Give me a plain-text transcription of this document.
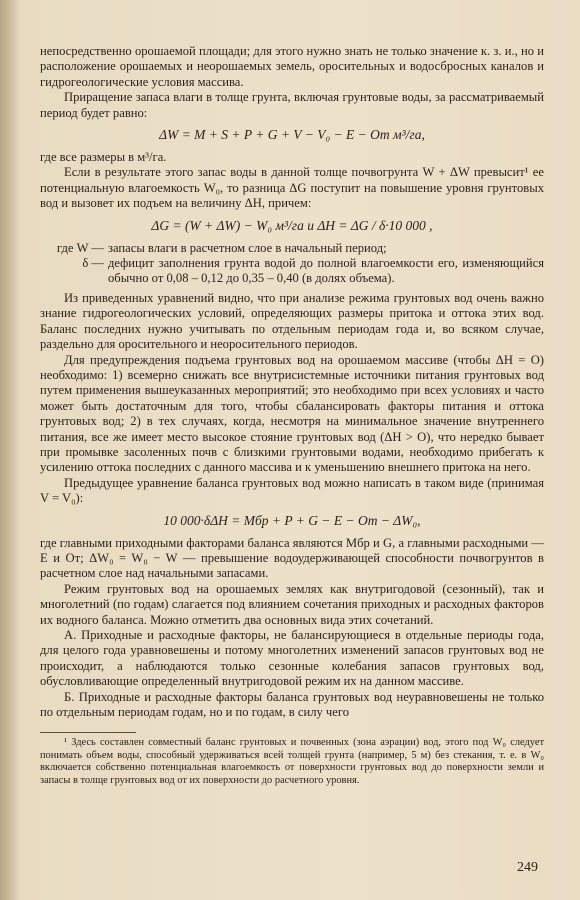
непосредственно орошаемой площади; для этого нужно знать не только значение к. з. и., но и расположение орошаемых и неорошаемых земель, оросительных и водосбросных каналов и гидрогеологические условия массива.

Приращение запаса влаги в толще грунта, включая грунтовые воды, за рассматриваемый период будет равно:

ΔW = M + S + P + G + V − V₀ − E − Oт м³/га,

где все размеры в м³/га.

Если в результате этого запас воды в данной толще почвогрунта W + ΔW превысит¹ ее потенциальную влагоемкость W₀, то разница ΔG поступит на повышение уровня грунтовых вод и вызовет их подъем на величину ΔH, причем:

ΔG = (W + ΔW) − W₀ м³/га и ΔH = ΔG / δ·10 000 ,
где W — запасы влаги в расчетном слое в начальный период;
δ — дефицит заполнения грунта водой до полной влагоемкости его, изменяющийся обычно от 0,08 – 0,12 до 0,35 – 0,40 (в долях объема).

Из приведенных уравнений видно, что при анализе режима грунтовых вод очень важно знание гидрогеологических условий, определяющих размеры притока и оттока этих вод. Баланс последних нужно учитывать по отдельным периодам года и, во всяком случае, раздельно для оросительного и неоросительного периодов.

Для предупреждения подъема грунтовых вод на орошаемом массиве (чтобы ΔH = O) необходимо: 1) всемерно снижать все внутрисистемные источники питания грунтовых вод путем применения вышеуказанных мероприятий; это необходимо при всех условиях и часто может быть достаточным для того, чтобы сбалансировать факторы питания и оттока грунтовых вод; 2) в тех случаях, когда, несмотря на минимальное значение внутреннего питания, все же имеет место высокое стояние грунтовых вод (ΔH > O), что нередко бывает при промывке засоленных почв с близкими грунтовыми водами, необходимо прибегать к усилению оттока последних с данного массива и к уменьшению внешнего притока на него.

Предыдущее уравнение баланса грунтовых вод можно написать в таком виде (принимая V = V₀):

10 000·δΔH = Mбр + P + G − E − Oт − ΔW₀,

где главными приходными факторами баланса являются Mбр и G, а главными расходными — E и Oт; ΔW₀ = W₀ − W — превышение водоудерживающей способности почвогрунтов в расчетном слое над начальными запасами.

Режим грунтовых вод на орошаемых землях как внутригодовой (сезонный), так и многолетний (по годам) слагается под влиянием сочетания приходных и расходных факторов их водного баланса. Можно отметить два основных вида этих сочетаний.

А. Приходные и расходные факторы, не балансирующиеся в отдельные периоды года, для целого года уравновешены и потому многолетних изменений запасов грунтовых вод не происходит, а наблюдаются только сезонные колебания запасов грунтовых вод, обусловливающие определенный внутригодовой режим их на данном массиве.

Б. Приходные и расходные факторы баланса грунтовых вод неуравновешены не только по отдельным периодам годам, но и по годам, в силу чего

¹ Здесь составлен совместный баланс грунтовых и почвенных (зона аэрации) вод, этого под W₀ следует понимать объем воды, способный удерживаться всей толщей грунта (например, 5 м) без стекания, т. е. в W₀ включается собственно потенциальная влагоемкость от поверхности грунтовых вод до поверхности земли и запасы в толще грунтовых вод от их поверхности до расчетного уровня.

249
